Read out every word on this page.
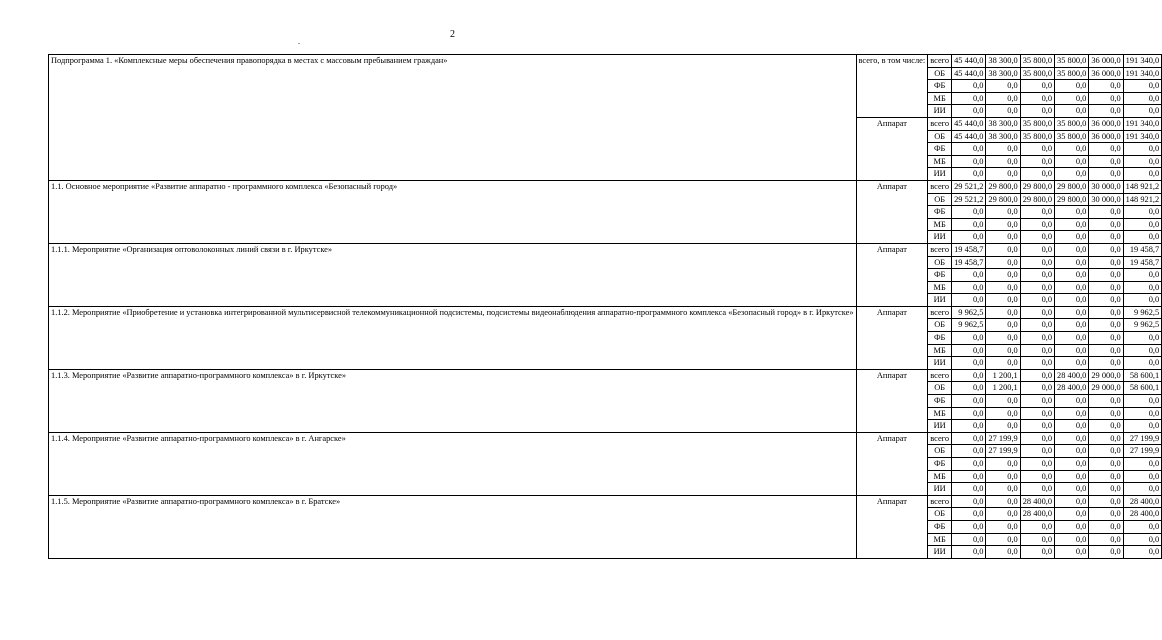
2
.
Подпрограмма 1. «Комплексные меры обеспечения правопорядка в местах с массовым пребыванием граждан»	всего, в том числе:	всего	45 440,0	38 300,0	35 800,0	35 800,0	36 000,0	191 340,0
		ОБ	45 440,0	38 300,0	35 800,0	35 800,0	36 000,0	191 340,0
		ФБ	0,0	0,0	0,0	0,0	0,0	0,0
		МБ	0,0	0,0	0,0	0,0	0,0	0,0
		ИИ	0,0	0,0	0,0	0,0	0,0	0,0
	Аппарат	всего	45 440,0	38 300,0	35 800,0	35 800,0	36 000,0	191 340,0
		ОБ	45 440,0	38 300,0	35 800,0	35 800,0	36 000,0	191 340,0
		ФБ	0,0	0,0	0,0	0,0	0,0	0,0
		МБ	0,0	0,0	0,0	0,0	0,0	0,0
		ИИ	0,0	0,0	0,0	0,0	0,0	0,0
1.1. Основное мероприятие «Развитие аппаратно - программного комплекса «Безопасный город»	Аппарат	всего	29 521,2	29 800,0	29 800,0	29 800,0	30 000,0	148 921,2
		ОБ	29 521,2	29 800,0	29 800,0	29 800,0	30 000,0	148 921,2
		ФБ	0,0	0,0	0,0	0,0	0,0	0,0
		МБ	0,0	0,0	0,0	0,0	0,0	0,0
		ИИ	0,0	0,0	0,0	0,0	0,0	0,0
1.1.1. Мероприятие «Организация оптоволоконных линий связи в г. Иркутске»	Аппарат	всего	19 458,7	0,0	0,0	0,0	0,0	19 458,7
		ОБ	19 458,7	0,0	0,0	0,0	0,0	19 458,7
		ФБ	0,0	0,0	0,0	0,0	0,0	0,0
		МБ	0,0	0,0	0,0	0,0	0,0	0,0
		ИИ	0,0	0,0	0,0	0,0	0,0	0,0
1.1.2. Мероприятие «Приобретение и установка интегрированной мультисервисной телекоммуникационной подсистемы, подсистемы видеонаблюдения аппаратно-программного комплекса «Безопасный город» в г. Иркутске»	Аппарат	всего	9 962,5	0,0	0,0	0,0	0,0	9 962,5
		ОБ	9 962,5	0,0	0,0	0,0	0,0	9 962,5
		ФБ	0,0	0,0	0,0	0,0	0,0	0,0
		МБ	0,0	0,0	0,0	0,0	0,0	0,0
		ИИ	0,0	0,0	0,0	0,0	0,0	0,0
1.1.3. Мероприятие «Развитие аппаратно-программного комплекса» в г. Иркутске»	Аппарат	всего	0,0	1 200,1	0,0	28 400,0	29 000,0	58 600,1
		ОБ	0,0	1 200,1	0,0	28 400,0	29 000,0	58 600,1
		ФБ	0,0	0,0	0,0	0,0	0,0	0,0
		МБ	0,0	0,0	0,0	0,0	0,0	0,0
		ИИ	0,0	0,0	0,0	0,0	0,0	0,0
1.1.4. Мероприятие «Развитие аппаратно-программного комплекса» в г. Ангарске»	Аппарат	всего	0,0	27 199,9	0,0	0,0	0,0	27 199,9
		ОБ	0,0	27 199,9	0,0	0,0	0,0	27 199,9
		ФБ	0,0	0,0	0,0	0,0	0,0	0,0
		МБ	0,0	0,0	0,0	0,0	0,0	0,0
		ИИ	0,0	0,0	0,0	0,0	0,0	0,0
1.1.5. Мероприятие «Развитие аппаратно-программного комплекса» в г. Братске»	Аппарат	всего	0,0	0,0	28 400,0	0,0	0,0	28 400,0
		ОБ	0,0	0,0	28 400,0	0,0	0,0	28 400,0
		ФБ	0,0	0,0	0,0	0,0	0,0	0,0
		МБ	0,0	0,0	0,0	0,0	0,0	0,0
		ИИ	0,0	0,0	0,0	0,0	0,0	0,0
